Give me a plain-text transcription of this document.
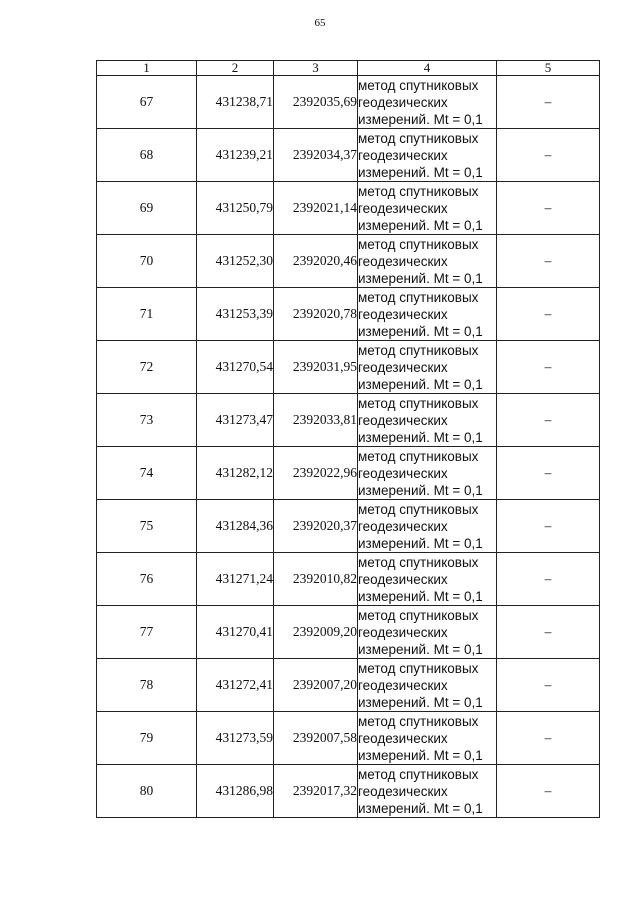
65
1	2	3	4	5
67	431238,71	2392035,69	метод спутниковых
геодезических
измерений. Mt = 0,1	–
68	431239,21	2392034,37	метод спутниковых
геодезических
измерений. Mt = 0,1	–
69	431250,79	2392021,14	метод спутниковых
геодезических
измерений. Mt = 0,1	–
70	431252,30	2392020,46	метод спутниковых
геодезических
измерений. Mt = 0,1	–
71	431253,39	2392020,78	метод спутниковых
геодезических
измерений. Mt = 0,1	–
72	431270,54	2392031,95	метод спутниковых
геодезических
измерений. Mt = 0,1	–
73	431273,47	2392033,81	метод спутниковых
геодезических
измерений. Mt = 0,1	–
74	431282,12	2392022,96	метод спутниковых
геодезических
измерений. Mt = 0,1	–
75	431284,36	2392020,37	метод спутниковых
геодезических
измерений. Mt = 0,1	–
76	431271,24	2392010,82	метод спутниковых
геодезических
измерений. Mt = 0,1	–
77	431270,41	2392009,20	метод спутниковых
геодезических
измерений. Mt = 0,1	–
78	431272,41	2392007,20	метод спутниковых
геодезических
измерений. Mt = 0,1	–
79	431273,59	2392007,58	метод спутниковых
геодезических
измерений. Mt = 0,1	–
80	431286,98	2392017,32	метод спутниковых
геодезических
измерений. Mt = 0,1	–
